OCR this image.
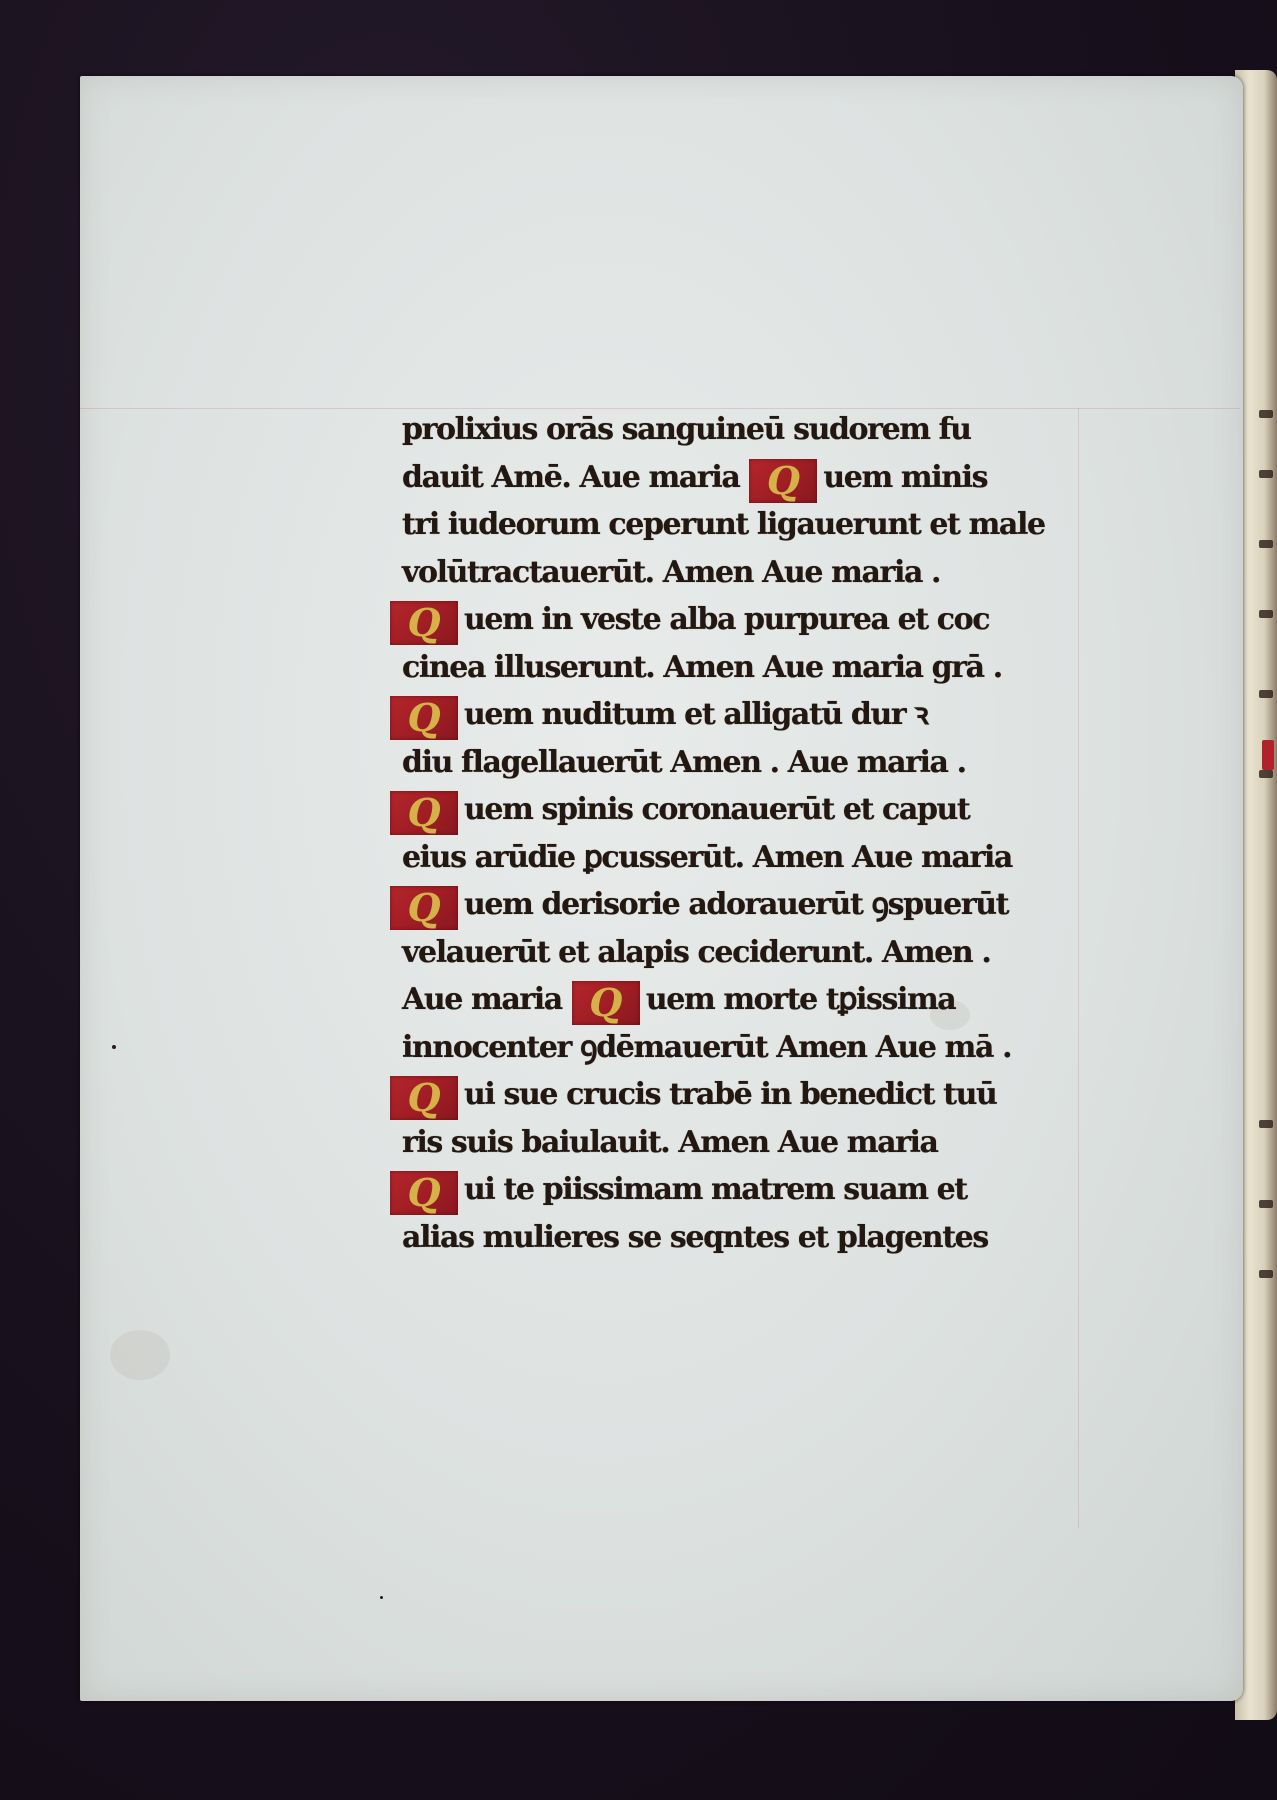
prolixius orās sanguineū sudorem fu
dauit Amē. Aue maria Q uem minis
tri iudeorum ceperunt ligauerunt et male
volūtractauerūt. Amen Aue maria .
Q uem in veste alba purpurea et coc
cinea illuserunt. Amen Aue maria grā .
Q uem nuditum et alligatū dur ꝛ
diu flagellauerūt Amen . Aue maria .
Q uem spinis coronauerūt et caput
eius arūdīe ꝑcusserūt. Amen Aue maria
Q uem derisorie adorauerūt ꝯspuerūt
velauerūt et alapis ceciderunt. Amen .
Aue maria Q uem morte tꝑissima
innocenter ꝯdēmauerūt Amen Aue mā .
Q ui sue crucis trabē in benedict tuū
ris suis baiulauit. Amen Aue maria
Q ui te piissimam matrem suam et
alias mulieres se seqntes et plagentes
